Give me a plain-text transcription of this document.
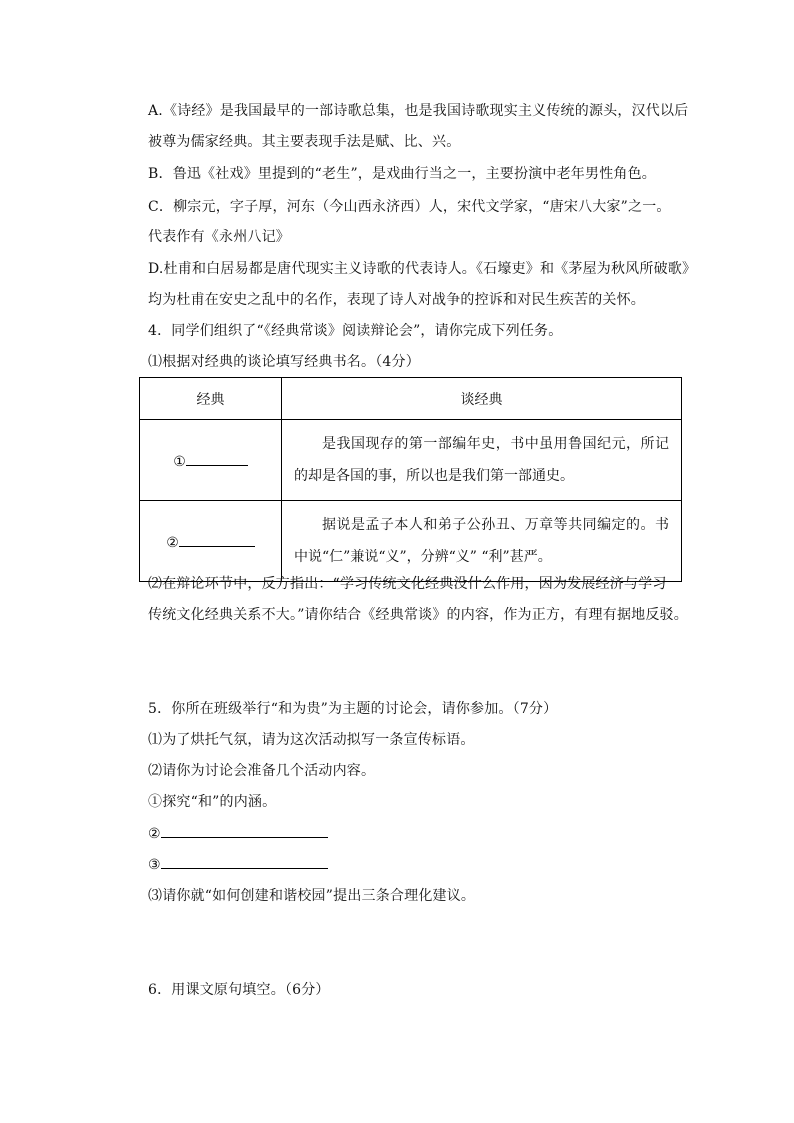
A.《诗经》是我国最早的一部诗歌总集，也是我国诗歌现实主义传统的源头，汉代以后
被尊为儒家经典。其主要表现手法是赋、比、兴。
B．鲁迅《社戏》里提到的“老生”，是戏曲行当之一，主要扮演中老年男性角色。
C．柳宗元，字子厚，河东（今山西永济西）人，宋代文学家，“唐宋八大家”之一。
代表作有《永州八记》
D.杜甫和白居易都是唐代现实主义诗歌的代表诗人。《石壕吏》和《茅屋为秋风所破歌》
均为杜甫在安史之乱中的名作，表现了诗人对战争的控诉和对民生疾苦的关怀。
4．同学们组织了“《经典常谈》阅读辩论会”，请你完成下列任务。
⑴根据对经典的谈论填写经典书名。（4分）
经典	谈经典
①	是我国现存的第一部编年史，书中虽用鲁国纪元，所记的却是各国的事，所以也是我们第一部通史。
②	据说是孟子本人和弟子公孙丑、万章等共同编定的。书中说“仁”兼说“义”，分辨“义” “利”甚严。
⑵在辩论环节中，反方指出：“学习传统文化经典没什么作用，因为发展经济与学习
传统文化经典关系不大。”请你结合《经典常谈》的内容，作为正方，有理有据地反驳。
5．你所在班级举行“和为贵”为主题的讨论会，请你参加。（7分）
⑴为了烘托气氛，请为这次活动拟写一条宣传标语。
⑵请你为讨论会准备几个活动内容。
①探究“和”的内涵。
②
③
⑶请你就“如何创建和谐校园”提出三条合理化建议。
6．用课文原句填空。（6分）
